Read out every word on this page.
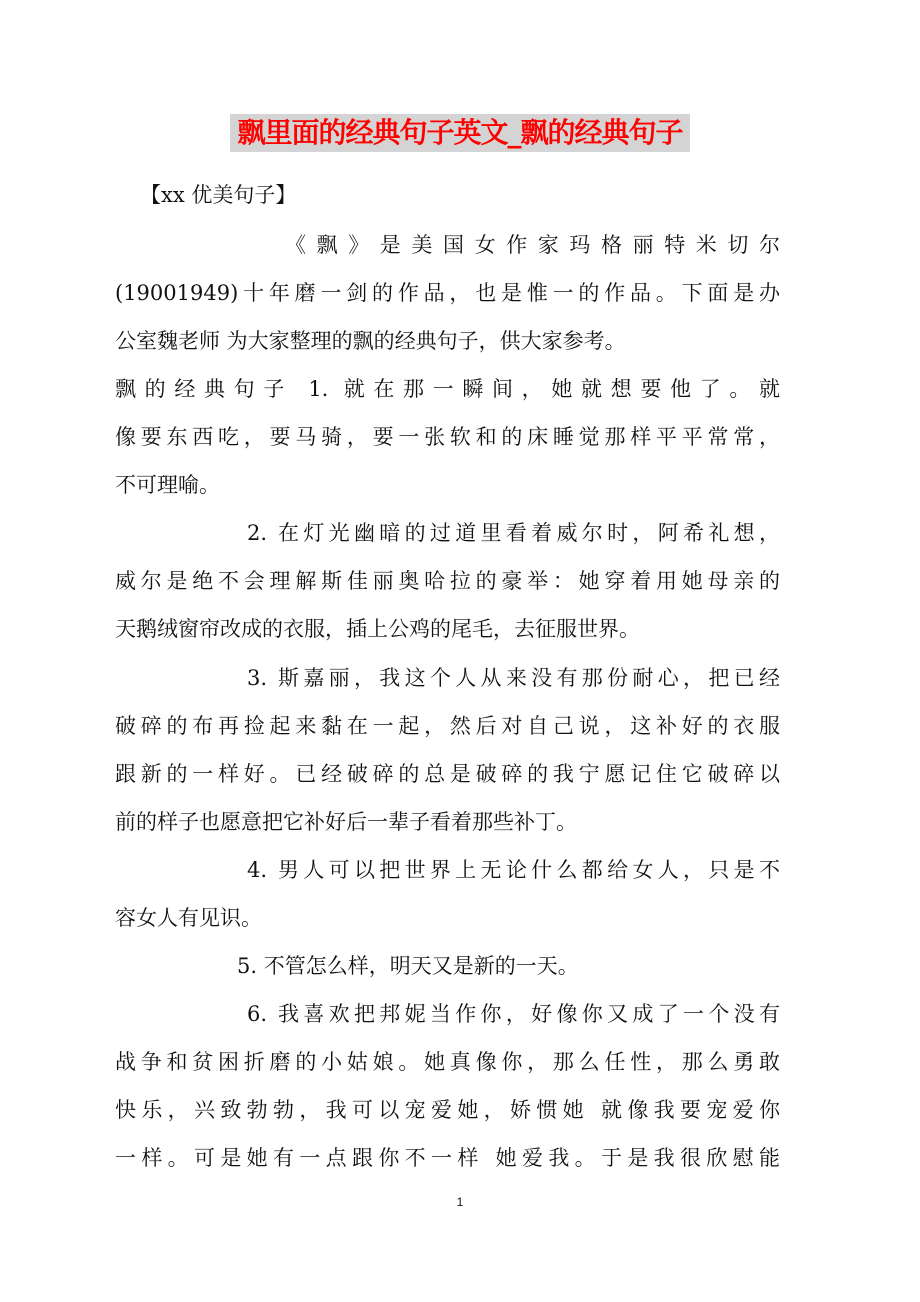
飘里面的经典句子英文_飘的经典句子
【xx 优美句子】
《飘》是美国女作家玛格丽特米切尔
(19001949)十年磨一剑的作品，也是惟一的作品。下面是办
公室魏老师 为大家整理的飘的经典句子，供大家参考。
飘的经典句子 1. 就在那一瞬间，她就想要他了。就
像要东西吃，要马骑，要一张软和的床睡觉那样平平常常，
不可理喻。
2. 在灯光幽暗的过道里看着威尔时，阿希礼想，
威尔是绝不会理解斯佳丽奥哈拉的豪举：她穿着用她母亲的
天鹅绒窗帘改成的衣服，插上公鸡的尾毛，去征服世界。
3. 斯嘉丽，我这个人从来没有那份耐心，把已经
破碎的布再捡起来黏在一起，然后对自己说，这补好的衣服
跟新的一样好。已经破碎的总是破碎的我宁愿记住它破碎以
前的样子也愿意把它补好后一辈子看着那些补丁。
4. 男人可以把世界上无论什么都给女人，只是不
容女人有见识。
5. 不管怎么样，明天又是新的一天。
6. 我喜欢把邦妮当作你，好像你又成了一个没有
战争和贫困折磨的小姑娘。她真像你，那么任性，那么勇敢
快乐，兴致勃勃，我可以宠爱她，娇惯她 就像我要宠爱你
一样。可是她有一点跟你不一样 她爱我。于是我很欣慰能
1
